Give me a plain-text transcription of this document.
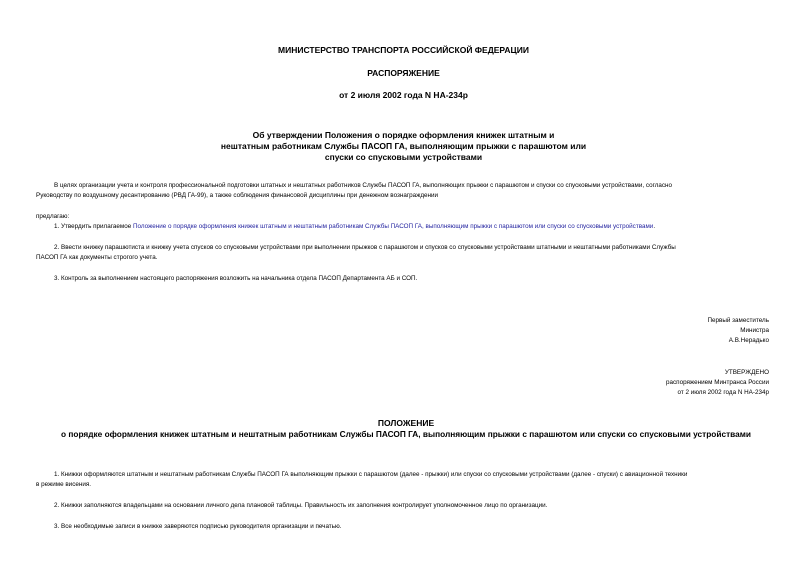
МИНИСТЕРСТВО ТРАНСПОРТА РОССИЙСКОЙ ФЕДЕРАЦИИ
РАСПОРЯЖЕНИЕ
от 2 июля 2002 года N НА-234р
Об утверждении Положения о порядке оформления книжек штатным и
нештатным работникам Службы ПАСОП ГА, выполняющим прыжки с парашютом или
спуски со спусковыми устройствами
В целях организации учета и контроля профессиональной подготовки штатных и нештатных работников Службы ПАСОП ГА, выполняющих прыжки с парашютом и спуски со спусковыми устройствами, согласно
Руководству по воздушному десантированию (РВД ГА-99), а также соблюдения финансовой дисциплины при денежном вознаграждении
предлагаю:
1. Утвердить прилагаемое Положение о порядке оформления книжек штатным и нештатным работникам Службы ПАСОП ГА, выполняющим прыжки с парашютом или спуски со спусковыми устройствами.
2. Ввести книжку парашютиста и книжку учета спусков со спусковыми устройствами при выполнении прыжков с парашютом и спусков со спусковыми устройствами штатными и нештатными работниками Службы
ПАСОП ГА как документы строгого учета.
3. Контроль за выполнением настоящего распоряжения возложить на начальника отдела ПАСОП Департамента АБ и СОП.
Первый заместитель
Министра
А.В.Нерадько
УТВЕРЖДЕНО
распоряжением Минтранса России
от 2 июля 2002 года N НА-234р
ПОЛОЖЕНИЕ
о порядке оформления книжек штатным и нештатным работникам Службы ПАСОП ГА, выполняющим прыжки с парашютом или спуски со спусковыми устройствами
1. Книжки оформляются штатным и нештатным работникам Службы ПАСОП ГА выполняющим прыжки с парашютом (далее - прыжки) или спуски со спусковыми устройствами (далее - спуски) с авиационной техники
в режиме висения.
2. Книжки заполняются владельцами на основании личного дела плановой таблицы. Правильность их заполнения контролирует уполномоченное лицо по организации.
3. Все необходимые записи в книжке заверяются подписью руководителя организации и печатью.
